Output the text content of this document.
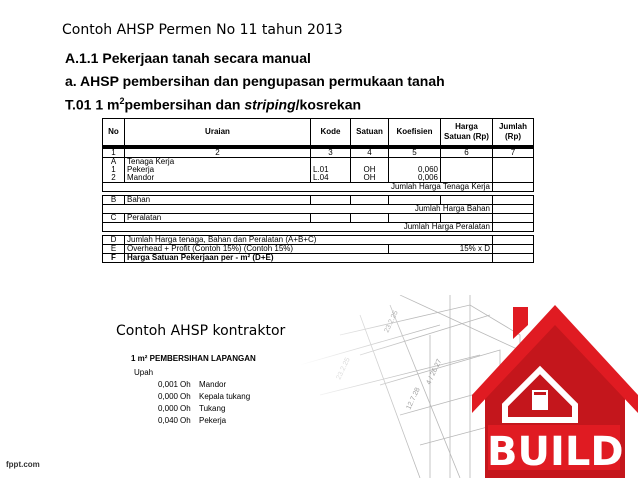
Contoh AHSP Permen No 11 tahun 2013
A.1.1 Pekerjaan tanah secara manual
a. AHSP pembersihan dan pengupasan permukaan tanah
T.01 1 $m^2pembersihan$ dan striping/kosrekan
No	Uraian	Kode	Satuan	Koefisien	Harga Satuan (Rp)	Jumlah (Rp)

1	2	3	4	5	6	7
A	Tenaga Kerja					
1	Pekerja	L.01	OH	0,060		
2	Mandor	L.04	OH	0,006		
Jumlah Harga Tenaga Kerja						

B	Bahan					
Jumlah Harga Bahan						
C	Peralatan					
Jumlah Harga Peralatan						

D	Jumlah Harga tenaga, Bahan dan Peralatan (A+B+C)					
E	Overhead + Profit (Contoh 15%) (Contoh 15%)			15% x D		
F	Harga Satuan Pekerjaan per - m² (D+E)					
BUILD
Contoh AHSP kontraktor
1 m² PEMBERSIHAN LAPANGAN
Upah
0,001 Oh Mandor
0,000 Oh Kepala tukang
0,000 Oh Tukang
0,040 Oh Pekerja
fppt.com
